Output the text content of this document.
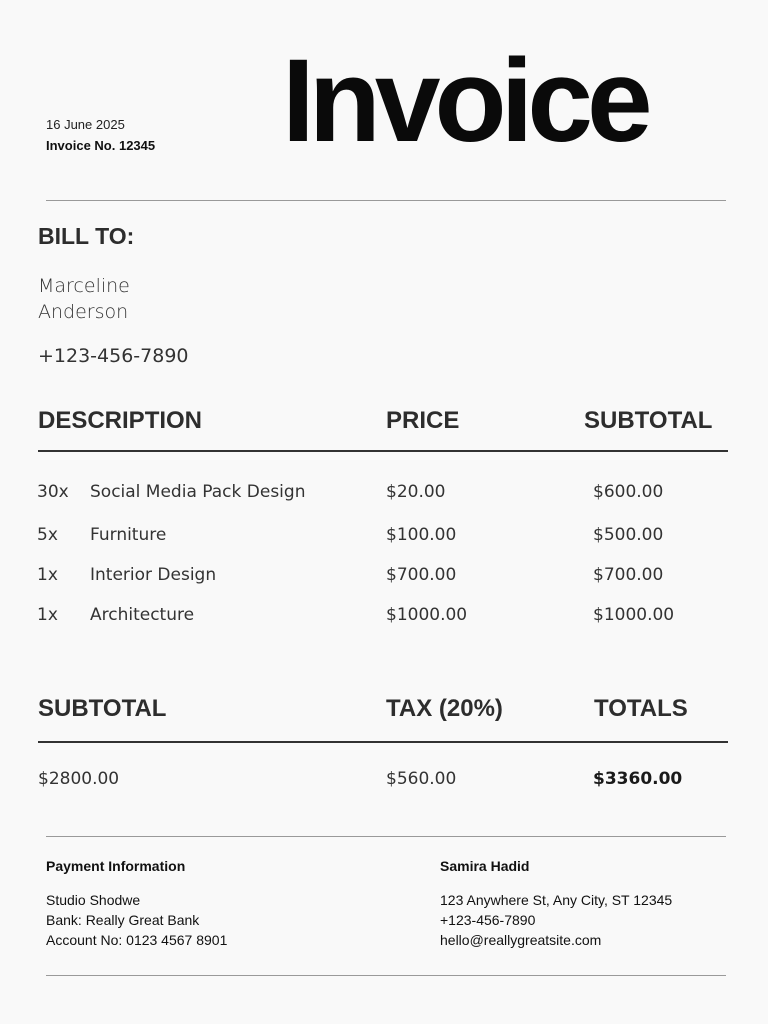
16 June 2025
Invoice No. 12345 Invoice
BILL TO:
Marceline
Anderson
+123-456-7890
DESCRIPTION	PRICE	SUBTOTAL
30x Social Media Pack Design	$20.00	$600.00
5x Furniture	$100.00	$500.00
1x Interior Design	$700.00	$700.00
1x Architecture	$1000.00	$1000.00
SUBTOTAL	TAX (20%)	TOTALS
$2800.00	$560.00	$3360.00
Payment Information
Studio Shodwe
Bank: Really Great Bank
Account No: 0123 4567 8901
Samira Hadid
123 Anywhere St, Any City, ST 12345
+123-456-7890
hello@reallygreatsite.com
